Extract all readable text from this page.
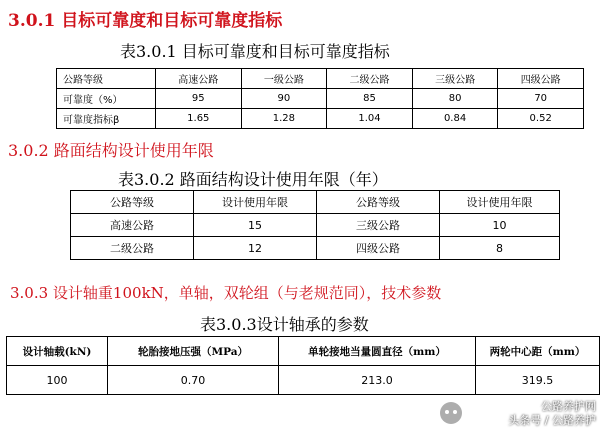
3.0.1 目标可靠度和目标可靠度指标
表3.0.1 目标可靠度和目标可靠度指标
公路等级	高速公路	一级公路	二级公路	三级公路	四级公路
可靠度（%）	95	90	85	80	70
可靠度指标β	1.65	1.28	1.04	0.84	0.52
3.0.2 路面结构设计使用年限
表3.0.2 路面结构设计使用年限（年）
公路等级	设计使用年限	公路等级	设计使用年限
高速公路	15	三级公路	10
二级公路	12	四级公路	8
3.0.3 设计轴重100kN，单轴，双轮组（与老规范同），技术参数
表3.0.3设计轴承的参数
设计轴载(kN)	轮胎接地压强（MPa）	单轮接地当量圆直径（mm）	两轮中心距（mm）
100	0.70	213.0	319.5
公路养护网
头条号 / 公路养护
